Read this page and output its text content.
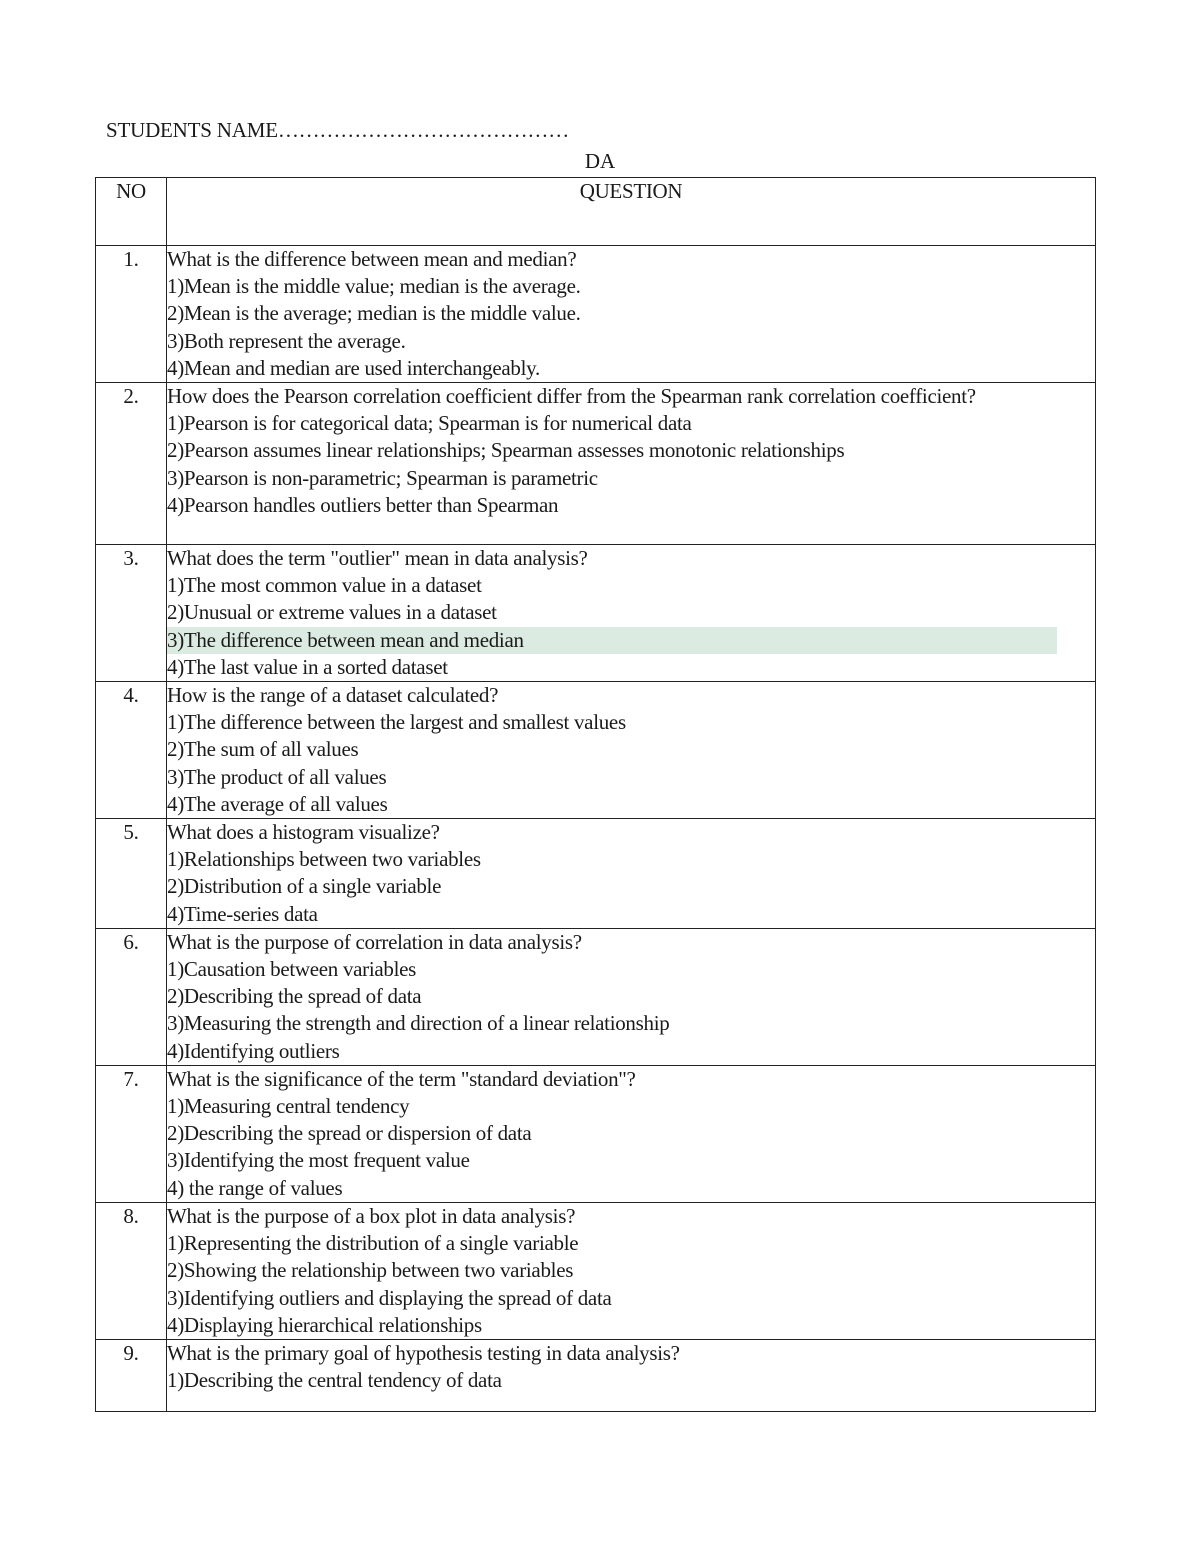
STUDENTS NAME……………………………………
DA
NO	QUESTION
1.	What is the difference between mean and median?
1)Mean is the middle value; median is the average.
2)Mean is the average; median is the middle value.
3)Both represent the average.
4)Mean and median are used interchangeably.

2.	How does the Pearson correlation coefficient differ from the Spearman rank correlation coefficient?
1)Pearson is for categorical data; Spearman is for numerical data
2)Pearson assumes linear relationships; Spearman assesses monotonic relationships
3)Pearson is non-parametric; Spearman is parametric
4)Pearson handles outliers better than Spearman

3.	What does the term "outlier" mean in data analysis?
1)The most common value in a dataset
2)Unusual or extreme values in a dataset
3)The difference between mean and median
4)The last value in a sorted dataset

4.	How is the range of a dataset calculated?
1)The difference between the largest and smallest values
2)The sum of all values
3)The product of all values
4)The average of all values

5.	What does a histogram visualize?
1)Relationships between two variables
2)Distribution of a single variable
4)Time-series data

6.	What is the purpose of correlation in data analysis?
1)Causation between variables
2)Describing the spread of data
3)Measuring the strength and direction of a linear relationship
4)Identifying outliers

7.	What is the significance of the term "standard deviation"?
1)Measuring central tendency
2)Describing the spread or dispersion of data
3)Identifying the most frequent value
4) the range of values

8.	What is the purpose of a box plot in data analysis?
1)Representing the distribution of a single variable
2)Showing the relationship between two variables
3)Identifying outliers and displaying the spread of data
4)Displaying hierarchical relationships

9.	What is the primary goal of hypothesis testing in data analysis?
1)Describing the central tendency of data
